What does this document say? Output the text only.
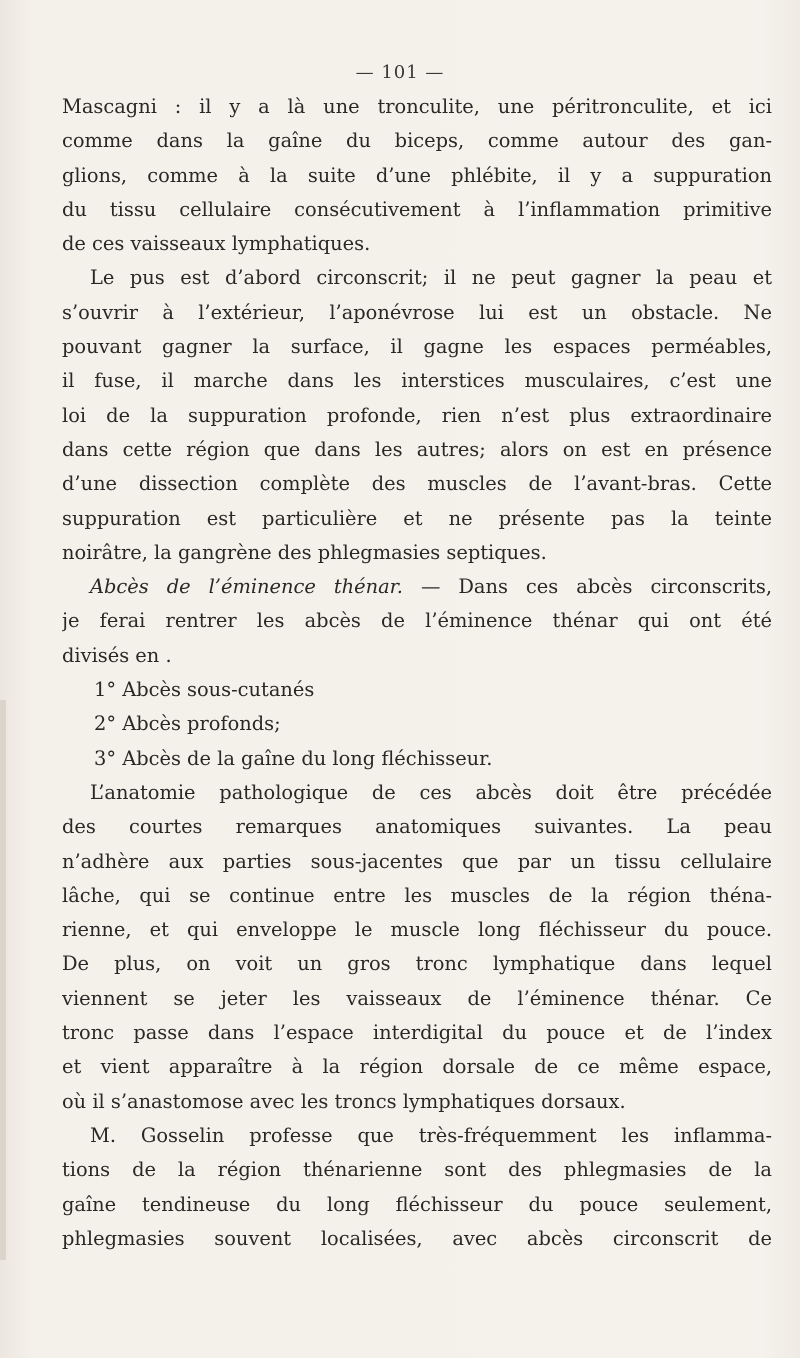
— 101 —
Mascagni : il y a là une tronculite, une péritronculite, et ici
comme dans la gaîne du biceps, comme autour des gan-
glions, comme à la suite d’une phlébite, il y a suppuration
du tissu cellulaire consécutivement à l’inflammation primitive
de ces vaisseaux lymphatiques.
Le pus est d’abord circonscrit; il ne peut gagner la peau et
s’ouvrir à l’extérieur, l’aponévrose lui est un obstacle. Ne
pouvant gagner la surface, il gagne les espaces perméables,
il fuse, il marche dans les interstices musculaires, c’est une
loi de la suppuration profonde, rien n’est plus extraordinaire
dans cette région que dans les autres; alors on est en présence
d’une dissection complète des muscles de l’avant-bras. Cette
suppuration est particulière et ne présente pas la teinte
noirâtre, la gangrène des phlegmasies septiques.
Abcès de l’éminence thénar. — Dans ces abcès circonscrits,
je ferai rentrer les abcès de l’éminence thénar qui ont été
divisés en .
1° Abcès sous-cutanés
2° Abcès profonds;
3° Abcès de la gaîne du long fléchisseur.
L’anatomie pathologique de ces abcès doit être précédée
des courtes remarques anatomiques suivantes. La peau
n’adhère aux parties sous-jacentes que par un tissu cellulaire
lâche, qui se continue entre les muscles de la région théna-
rienne, et qui enveloppe le muscle long fléchisseur du pouce.
De plus, on voit un gros tronc lymphatique dans lequel
viennent se jeter les vaisseaux de l’éminence thénar. Ce
tronc passe dans l’espace interdigital du pouce et de l’index
et vient apparaître à la région dorsale de ce même espace,
où il s’anastomose avec les troncs lymphatiques dorsaux.
M. Gosselin professe que très-fréquemment les inflamma-
tions de la région thénarienne sont des phlegmasies de la
gaîne tendineuse du long fléchisseur du pouce seulement,
phlegmasies souvent localisées, avec abcès circonscrit de
